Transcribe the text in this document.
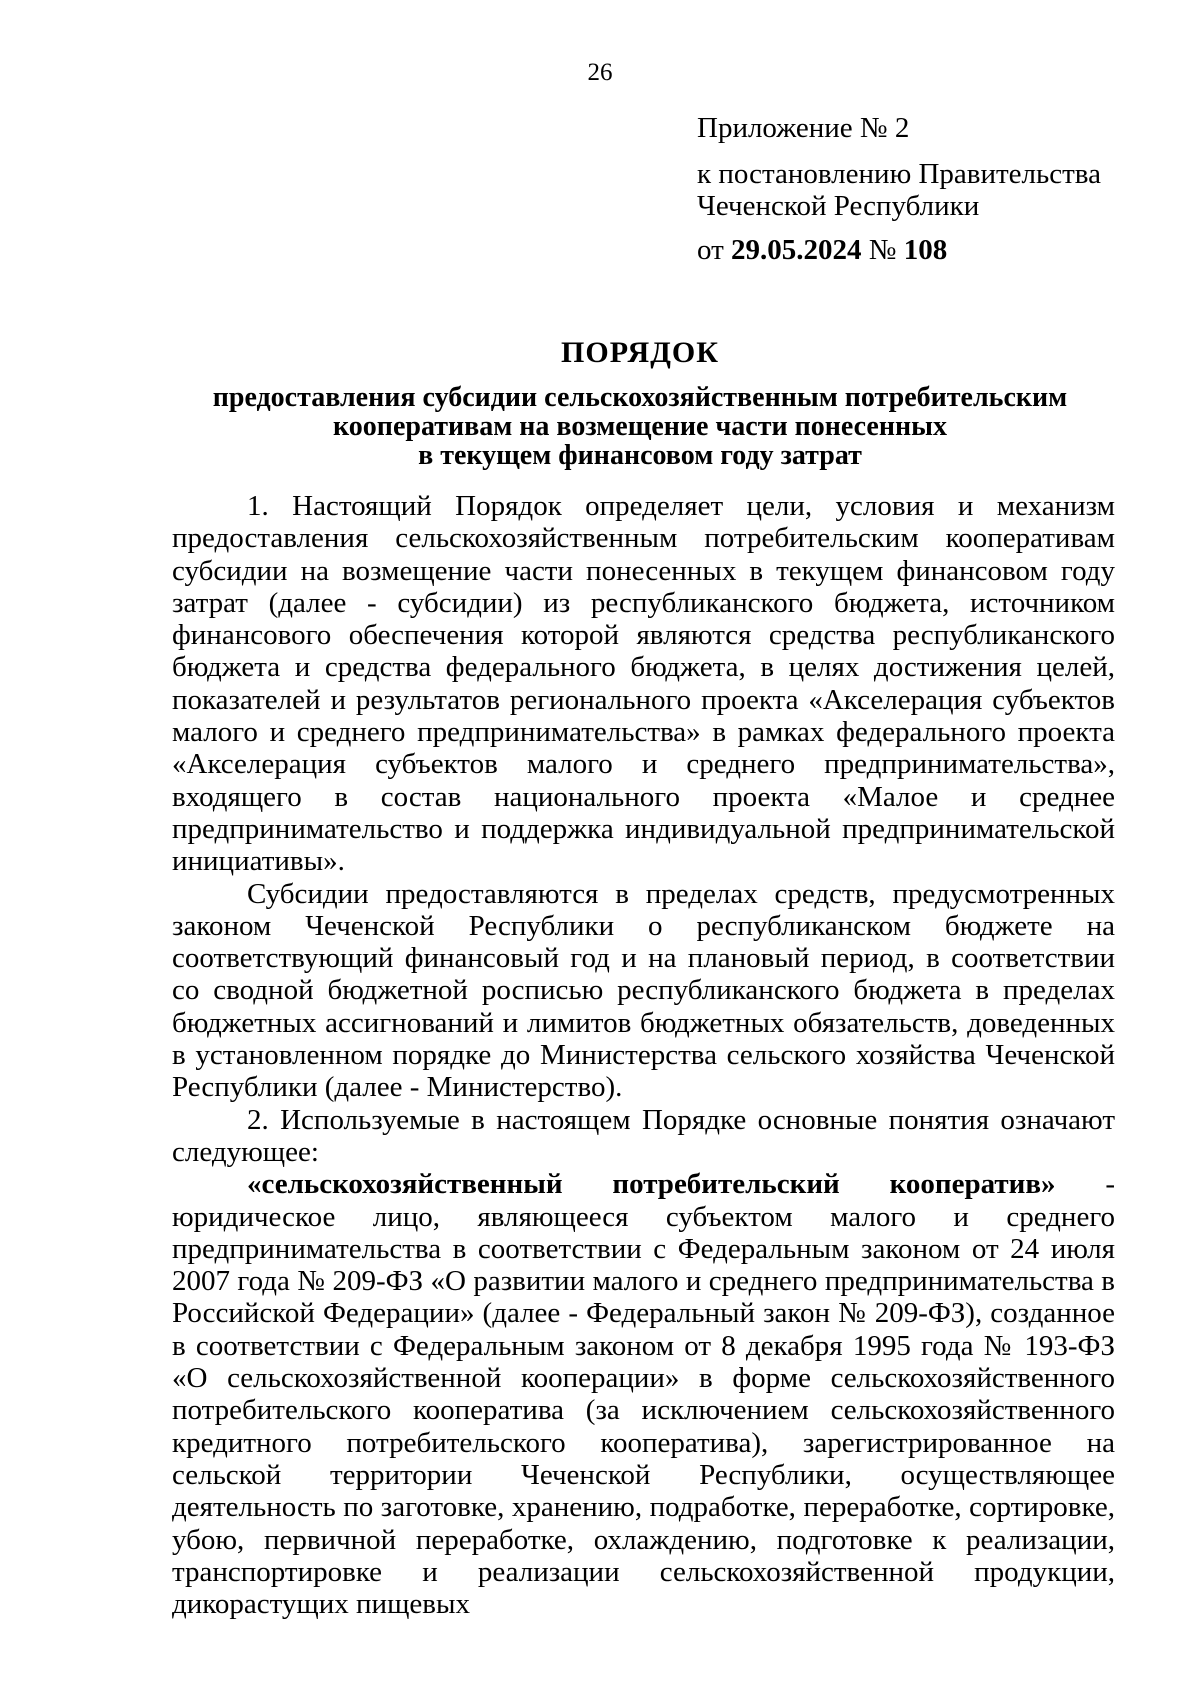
26
Приложение № 2
к постановлению Правительства
Чеченской Республики
от 29.05.2024 № 108
ПОРЯДОК
предоставления субсидии сельскохозяйственным потребительским
кооперативам на возмещение части понесенных
в текущем финансовом году затрат

1. Настоящий Порядок определяет цели, условия и механизм предоставления сельскохозяйственным потребительским кооперативам субсидии на возмещение части понесенных в текущем финансовом году затрат (далее - субсидии) из республиканского бюджета, источником финансового обеспечения которой являются средства республиканского бюджета и средства федерального бюджета, в целях достижения целей, показателей и результатов регионального проекта «Акселерация субъектов малого и среднего предпринимательства» в рамках федерального проекта «Акселерация субъектов малого и среднего предпринимательства», входящего в состав национального проекта «Малое и среднее предпринимательство и поддержка индивидуальной предпринимательской инициативы».

Субсидии предоставляются в пределах средств, предусмотренных законом Чеченской Республики о республиканском бюджете на соответствующий финансовый год и на плановый период, в соответствии со сводной бюджетной росписью республиканского бюджета в пределах бюджетных ассигнований и лимитов бюджетных обязательств, доведенных в установленном порядке до Министерства сельского хозяйства Чеченской Республики (далее - Министерство).

2. Используемые в настоящем Порядке основные понятия означают следующее:

«сельскохозяйственный потребительский кооператив» - юридическое лицо, являющееся субъектом малого и среднего предпринимательства в соответствии с Федеральным законом от 24 июля 2007 года № 209-ФЗ «О развитии малого и среднего предпринимательства в Российской Федерации» (далее - Федеральный закон № 209-ФЗ), созданное в соответствии с Федеральным законом от 8 декабря 1995 года № 193-ФЗ «О сельскохозяйственной кооперации» в форме сельскохозяйственного потребительского кооператива (за исключением сельскохозяйственного кредитного потребительского кооператива), зарегистрированное на сельской территории Чеченской Республики, осуществляющее деятельность по заготовке, хранению, подработке, переработке, сортировке, убою, первичной переработке, охлаждению, подготовке к реализации, транспортировке и реализации сельскохозяйственной продукции, дикорастущих пищевых
